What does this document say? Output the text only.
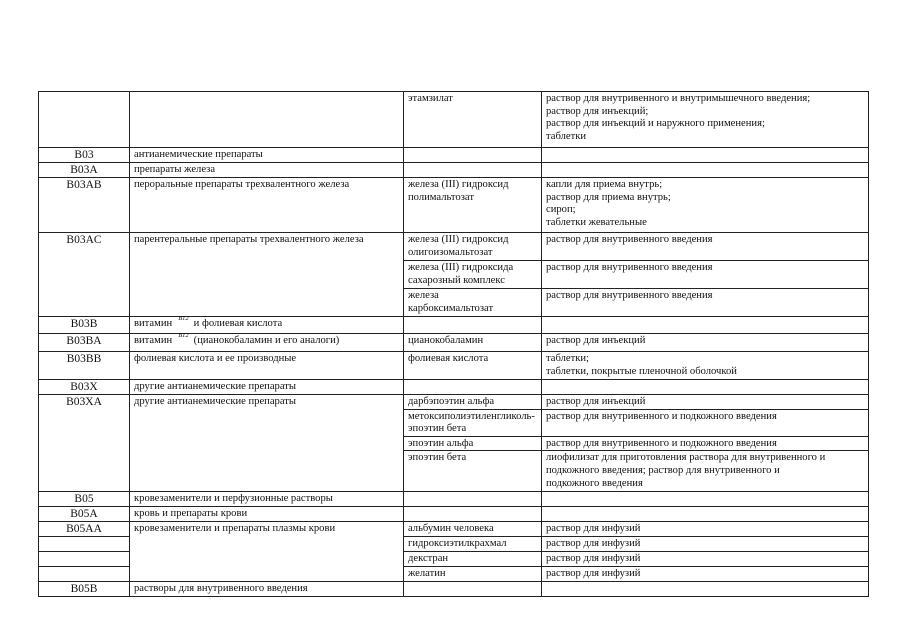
		этамзилат	раствор для внутривенного и внутримышечного введения;
раствор для инъекций;
раствор для инъекций и наружного применения;
таблетки

B03	антианемические препараты		
B03A	препараты железа		
B03AB	пероральные препараты трехвалентного железа	железа (III) гидроксид
полимальтозат	капли для приема внутрь;
раствор для приема внутрь;
сироп;
таблетки жевательные

B03AC	парентеральные препараты трехвалентного железа	железа (III) гидроксид
олигоизомальтозат	раствор для внутривенного введения

		железа (III) гидроксида
сахарозный комплекс	раствор для внутривенного введения

		железа
карбоксимальтозат	раствор для внутривенного введения

B03B	витамин $^{B12}$ и фолиевая кислота		
B03BA	витамин $^{B12}$ (цианокобаламин и его аналоги)	цианокобаламин	раствор для инъекций

B03BB	фолиевая кислота и ее производные	фолиевая кислота	таблетки;
таблетки, покрытые пленочной оболочкой

B03X	другие антианемические препараты		
B03XA	другие антианемические препараты	дарбэпоэтин альфа	раствор для инъекций

		метоксиполиэтиленгликоль- эпоэтин бета	раствор для внутривенного и подкожного введения

		эпоэтин альфа	раствор для внутривенного и подкожного введения

		эпоэтин бета	лиофилизат для приготовления раствора для внутривенного и
подкожного введения; раствор для внутривенного и
подкожного введения

B05	кровезаменители и перфузионные растворы		
B05A	кровь и препараты крови		
B05AA	кровезаменители и препараты плазмы крови	альбумин человека	раствор для инфузий

		гидроксиэтилкрахмал	раствор для инфузий

		декстран	раствор для инфузий

		желатин	раствор для инфузий

B05B	растворы для внутривенного введения		
